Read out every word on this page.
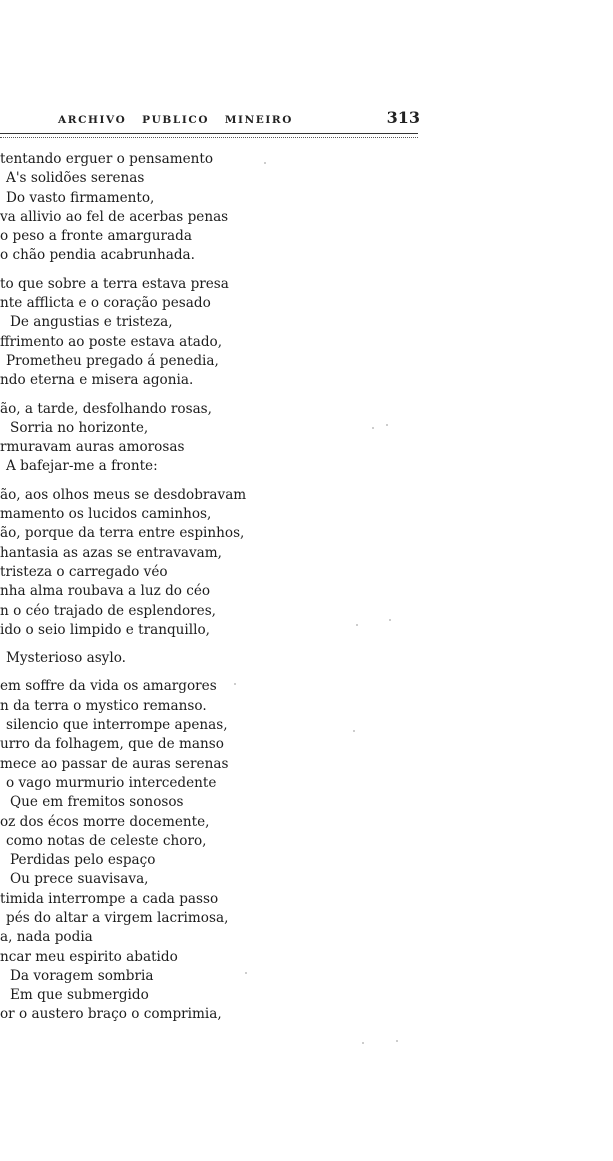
ARCHIVO   PUBLICO   MINEIRO	313
tentando erguer o pensamento
A's solidões serenas
Do vasto firmamento,
va allivio ao fel de acerbas penas
o peso a fronte amargurada
o chão pendia acabrunhada.
to que sobre a terra estava presa
nte afflicta e o coração pesado
De angustias e tristeza,
ffrimento ao poste estava atado,
Prometheu pregado á penedia,
ndo eterna e misera agonia.
ão, a tarde, desfolhando rosas,
Sorria no horizonte,
rmuravam auras amorosas
A bafejar-me a fronte:
ão, aos olhos meus se desdobravam
mamento os lucidos caminhos,
ão, porque da terra entre espinhos,
hantasia as azas se entravavam,
tristeza o carregado véo
nha alma roubava a luz do céo
n o céo trajado de esplendores,
ido o seio limpido e tranquillo,
Mysterioso asylo.
em soffre da vida os amargores
n da terra o mystico remanso.
silencio que interrompe apenas,
urro da folhagem, que de manso
mece ao passar de auras serenas
o vago murmurio intercedente
Que em fremitos sonosos
oz dos écos morre docemente,
como notas de celeste choro,
Perdidas pelo espaço
Ou prece suavisava,
timida interrompe a cada passo
pés do altar a virgem lacrimosa,
a, nada podia
ncar meu espirito abatido
Da voragem sombria
Em que submergido
or o austero braço o comprimia,
